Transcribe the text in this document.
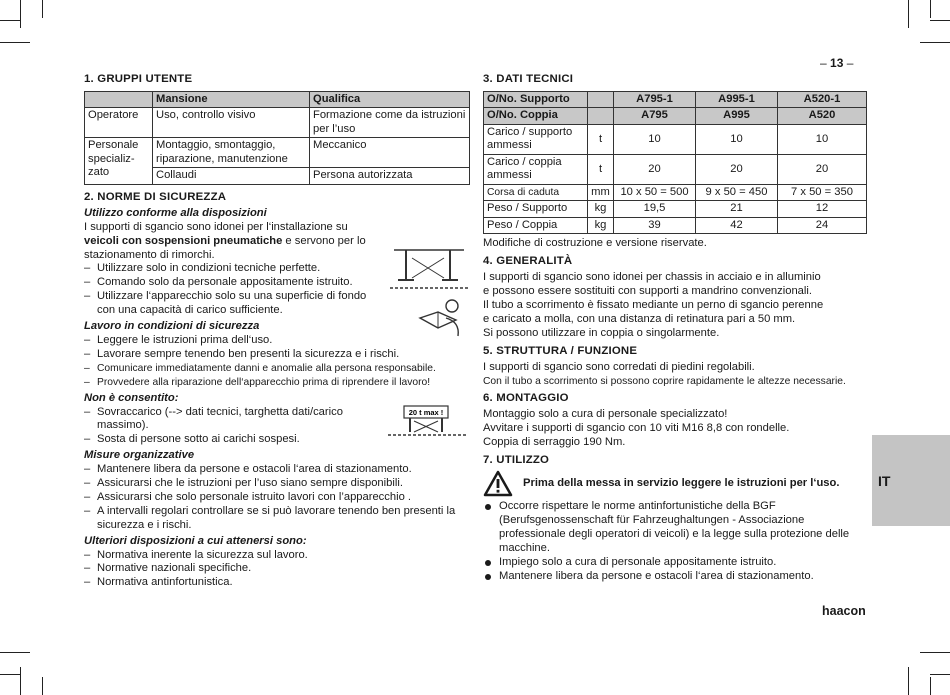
– 13 –
1. GRUPPI UTENTE
	Mansione	Qualifica
Operatore	Uso, controllo visivo	Formazione come da istruzioni per l’uso
Personale specializ-zato	Montaggio, smontaggio, riparazione, manutenzione	Meccanico
	Collaudi	Persona autorizzata
2. NORME DI SICUREZZA
Utilizzo conforme alla disposizioni

I supporti di sgancio sono idonei per l‘installazione su veicoli con sospensioni pneumatiche e servono per lo stazionamento di rimorchi.

– Utilizzare solo in condizioni tecniche perfette.
– Comando solo da personale appositamente istruito.
– Utilizzare l‘apparecchio solo su una superficie di fondo con una capacità di carico sufficiente.
Lavoro in condizioni di sicurezza
– Leggere le istruzioni prima dell‘uso.
– Lavorare sempre tenendo ben presenti la sicurezza e i rischi.
– Comunicare immediatamente danni e anomalie alla persona responsabile.
– Provvedere alla riparazione dell‘apparecchio prima di riprendere il lavoro!
Non è consentito:
– Sovraccarico (--> dati tecnici, targhetta dati/carico massimo).
– Sosta di persone sotto ai carichi sospesi.
Misure organizzative
– Mantenere libera da persone e ostacoli l‘area di stazionamento.
– Assicurarsi che le istruzioni per l’uso siano sempre disponibili.
– Assicurarsi che solo personale istruito lavori con l’apparecchio .
– A intervalli regolari controllare se si può lavorare tenendo ben presenti la sicurezza e i rischi.
Ulteriori disposizioni a cui attenersi sono:
– Normativa inerente la sicurezza sul lavoro.
– Normative nazionali specifiche.
– Normativa antinfortunistica.
20 t max !
3. DATI TECNICI
O/No. Supporto		A795-1	A995-1	A520-1
O/No. Coppia		A795	A995	A520
Carico / supporto ammessi	t	10	10	10
Carico / coppia ammessi	t	20	20	20
Corsa di caduta	mm	10 x 50 = 500	9 x 50 = 450	7 x 50 = 350
Peso / Supporto	kg	19,5	21	12
Peso / Coppia	kg	39	42	24

Modifiche di costruzione e versione riservate.

4. GENERALITÀ

I supporti di sgancio sono idonei per chassis in acciaio e in alluminio

e possono essere sostituiti con supporti a mandrino convenzionali.

Il tubo a scorrimento è fissato mediante un perno di sgancio perenne

e caricato a molla, con una distanza di retinatura pari a 50 mm.

Si possono utilizzare in coppia o singolarmente.

5. STRUTTURA / FUNZIONE

I supporti di sgancio sono corredati di piedini regolabili.

Con il tubo a scorrimento si possono coprire rapidamente le altezze necessarie.

6. MONTAGGIO

Montaggio solo a cura di personale specializzato!

Avvitare i supporti di sgancio con 10 viti M16 8,8 con rondelle.

Coppia di serraggio 190 Nm.

7. UTILIZZO
Prima della messa in servizio leggere le istruzioni per l‘uso.
Occorre rispettare le norme antinfortunistiche della BGF (Berufsgenossenschaft für Fahrzeughaltungen - Associazione professionale degli operatori di veicoli) e la legge sulla protezione delle macchine.
Impiego solo a cura di personale appositamente istruito.
Mantenere libera da persone e ostacoli l‘area di stazionamento.
IT
haacon
